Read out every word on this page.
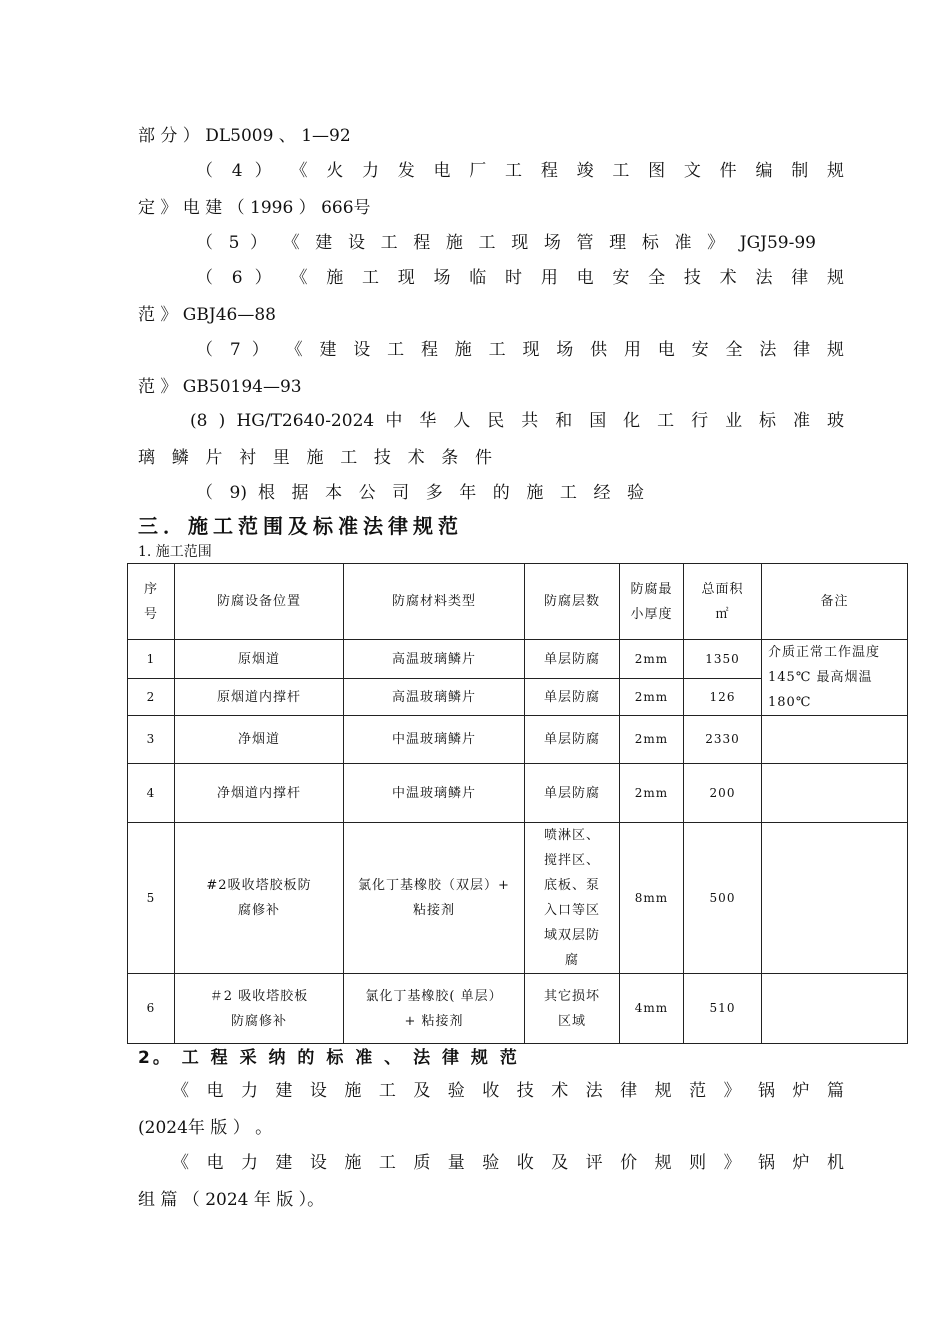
部 分 ） DL5009 、 1—92

（ 4 ） 《 火 力 发 电 厂 工 程 竣 工 图 文 件 编 制 规

定 》 电 建 （ 1996 ） 666号

（ 5 ） 《 建 设 工 程 施 工 现 场 管 理 标 准 》 JGJ59-99

（ 6 ） 《 施 工 现 场 临 时 用 电 安 全 技 术 法 律 规

范 》 GBJ46—88

（ 7 ） 《 建 设 工 程 施 工 现 场 供 用 电 安 全 法 律 规

范 》 GB50194—93

(8 ) HG/T2640-2024 中 华 人 民 共 和 国 化 工 行 业 标 准 玻

璃 鳞 片 衬 里 施 工 技 术 条 件

（ 9) 根 据 本 公 司 多 年 的 施 工 经 验

三．施工范围及标准法律规范

1. 施工范围

序号	防腐设备位置	防腐材料类型	防腐层数	防腐最小厚度	总面积㎡	备注
1	原烟道	高温玻璃鳞片	单层防腐	2mm	1350	介质正常工作温度145℃ 最高烟温180℃
2	原烟道内撑杆	高温玻璃鳞片	单层防腐	2mm	126	
3	净烟道	中温玻璃鳞片	单层防腐	2mm	2330	
4	净烟道内撑杆	中温玻璃鳞片	单层防腐	2mm	200	
5	#2吸收塔胶板防腐修补	氯化丁基橡胶（双层）+ 粘接剂	喷淋区、搅拌区、底板、泵入口等区域双层防腐	8mm	500	
6	＃2 吸收塔胶板防腐修补	氯化丁基橡胶( 单层）+ 粘接剂	其它损坏区域	4mm	510	
2。 工 程 采 纳 的 标 准 、 法 律 规 范

《 电 力 建 设 施 工 及 验 收 技 术 法 律 规 范 》 锅 炉 篇

(2024年 版 ） 。

《 电 力 建 设 施 工 质 量 验 收 及 评 价 规 则 》 锅 炉 机

组 篇 （ 2024 年 版 ）。
